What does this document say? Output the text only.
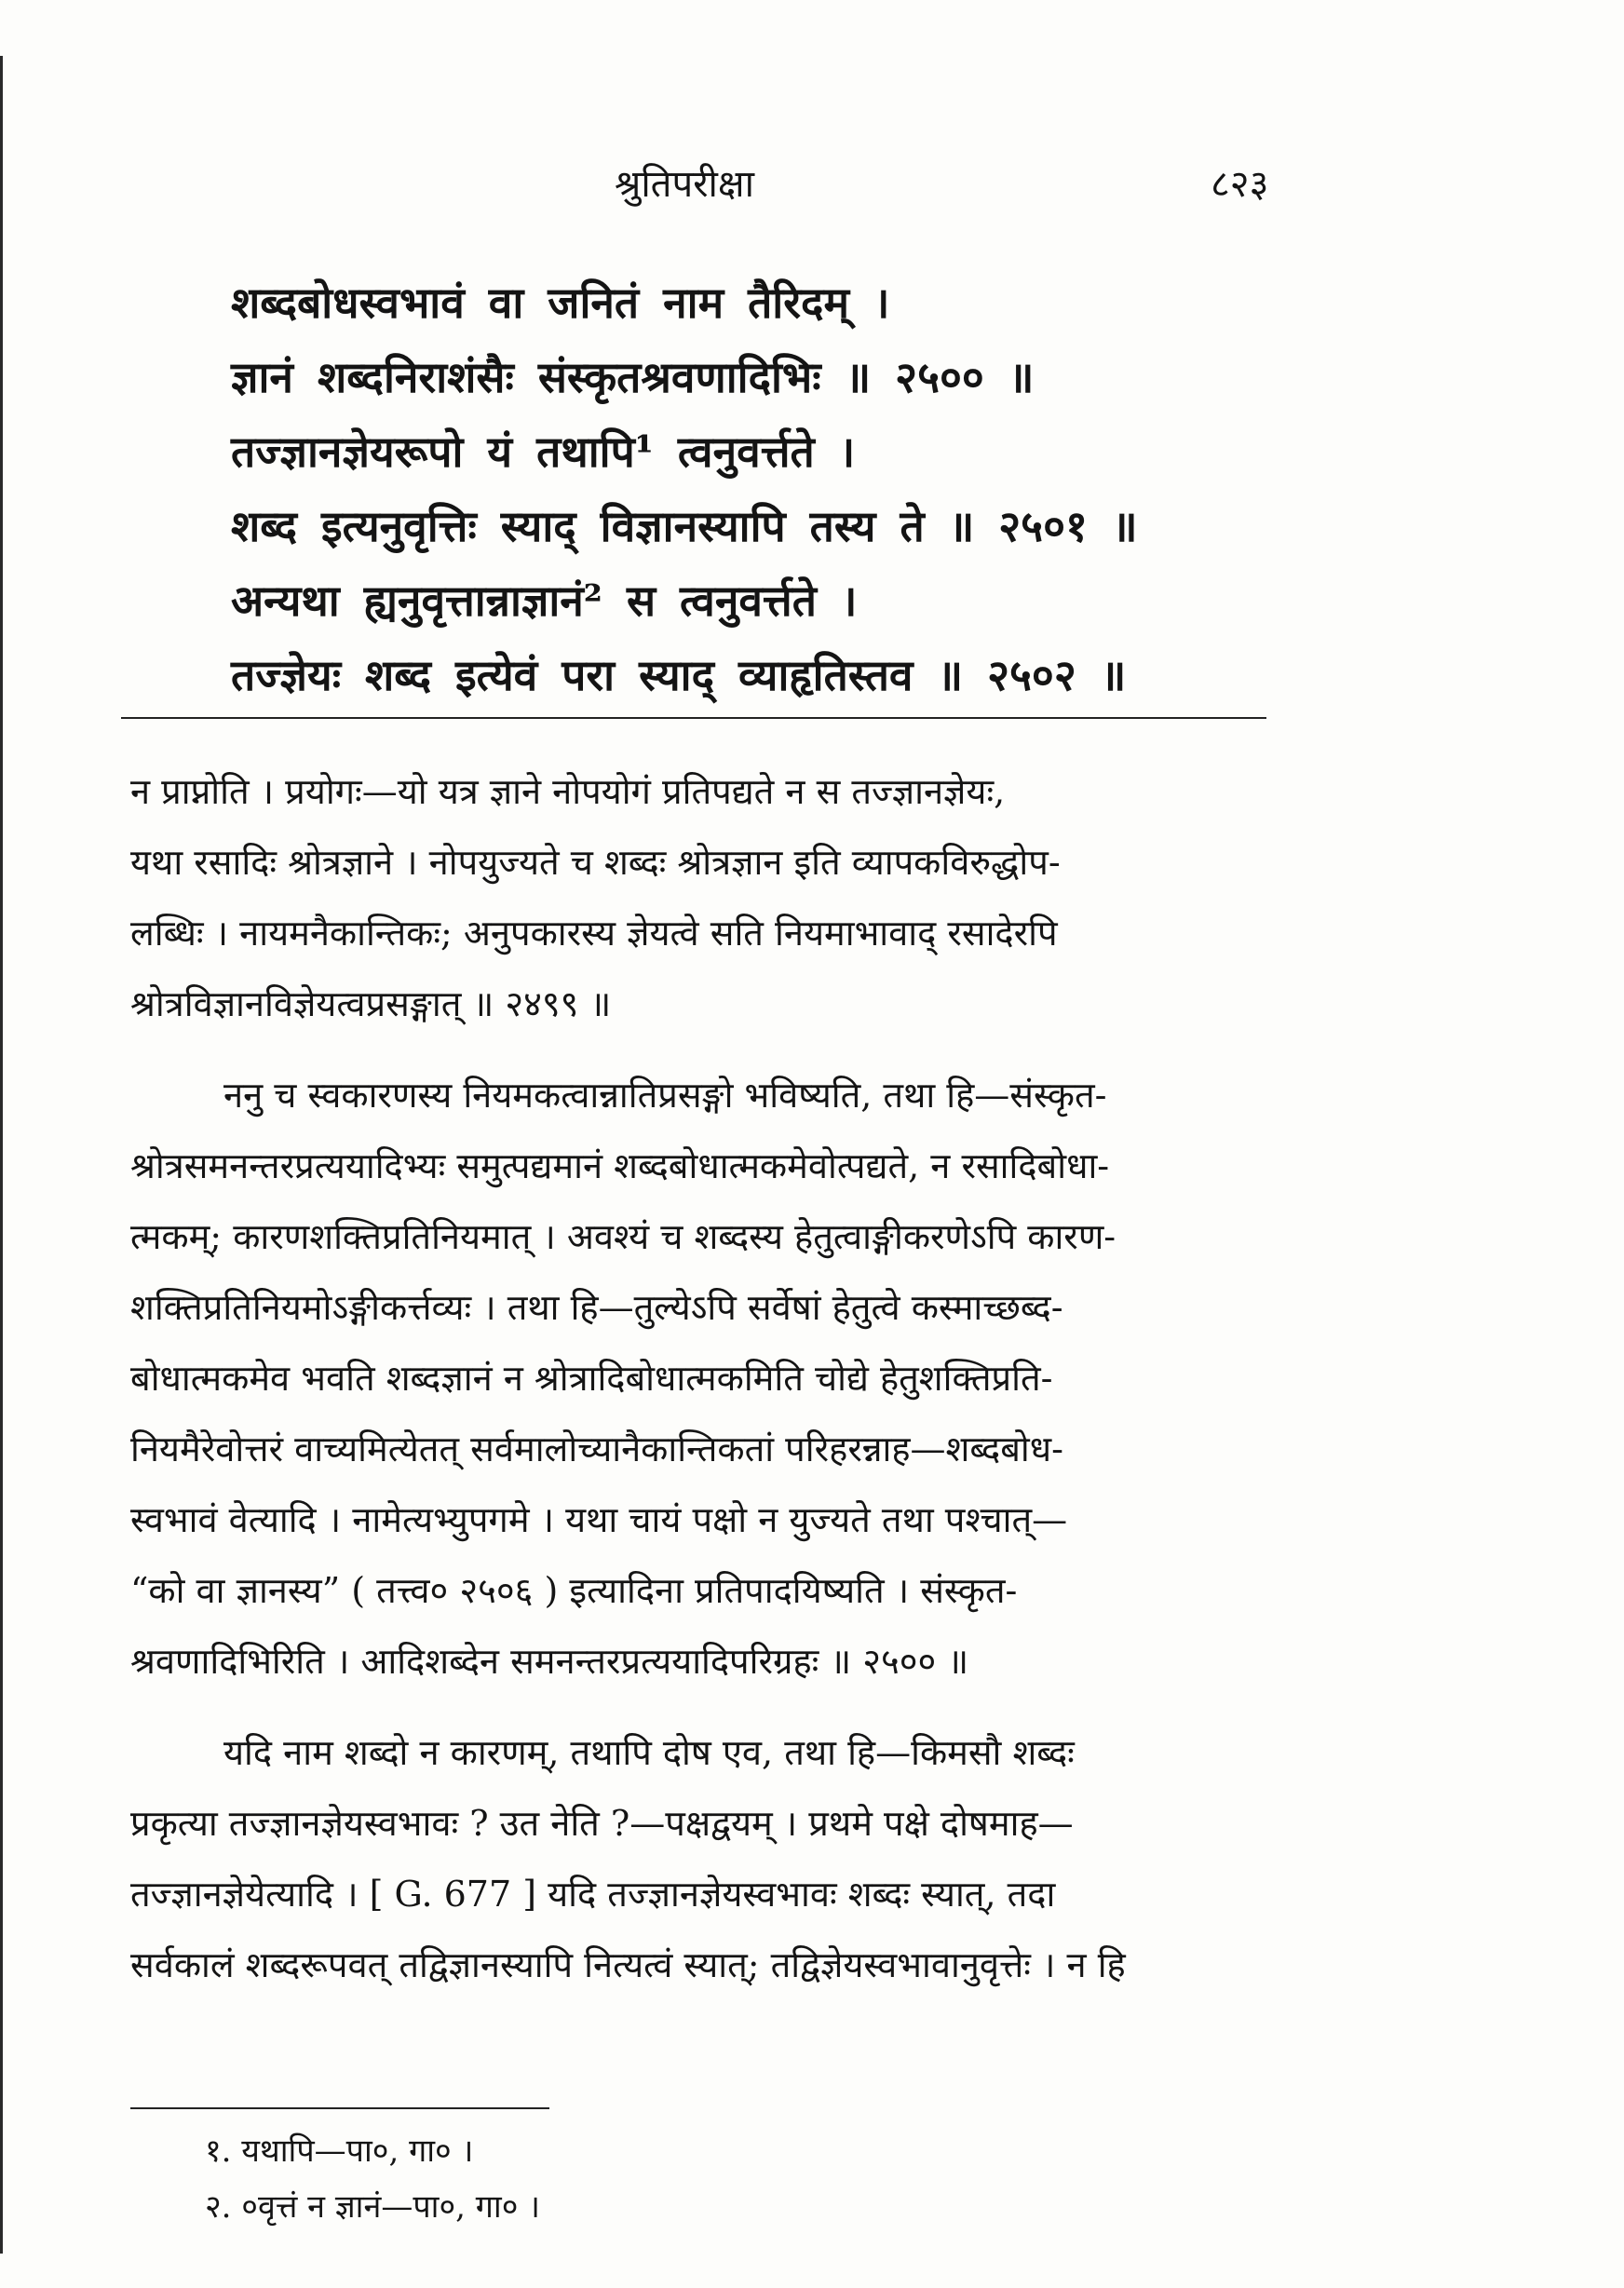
श्रुतिपरीक्षा	८२३
शब्दबोधस्वभावं वा जनितं नाम तैरिदम् ।
ज्ञानं शब्दनिराशंसैः संस्कृतश्रवणादिभिः ॥ २५०० ॥
तज्ज्ञानज्ञेयरूपो यं तथापि¹ त्वनुवर्त्तते ।
शब्द इत्यनुवृत्तिः स्याद् विज्ञानस्यापि तस्य ते ॥ २५०१ ॥
अन्यथा ह्यनुवृत्तान्नाज्ञानं² स त्वनुवर्त्तते ।
तज्ज्ञेयः शब्द इत्येवं परा स्याद् व्याहृतिस्तव ॥ २५०२ ॥
न प्राप्नोति । प्रयोगः—यो यत्र ज्ञाने नोपयोगं प्रतिपद्यते न स तज्ज्ञानज्ञेयः,
यथा रसादिः श्रोत्रज्ञाने । नोपयुज्यते च शब्दः श्रोत्रज्ञान इति व्यापकविरुद्धोप-
लब्धिः । नायमनैकान्तिकः; अनुपकारस्य ज्ञेयत्वे सति नियमाभावाद् रसादेरपि
श्रोत्रविज्ञानविज्ञेयत्वप्रसङ्गात् ॥ २४९९ ॥
ननु च स्वकारणस्य नियमकत्वान्नातिप्रसङ्गो भविष्यति, तथा हि—संस्कृत-
श्रोत्रसमनन्तरप्रत्ययादिभ्यः समुत्पद्यमानं शब्दबोधात्मकमेवोत्पद्यते, न रसादिबोधा-
त्मकम्; कारणशक्तिप्रतिनियमात् । अवश्यं च शब्दस्य हेतुत्वाङ्गीकरणेऽपि कारण-
शक्तिप्रतिनियमोऽङ्गीकर्त्तव्यः । तथा हि—तुल्येऽपि सर्वेषां हेतुत्वे कस्माच्छब्द-
बोधात्मकमेव भवति शब्दज्ञानं न श्रोत्रादिबोधात्मकमिति चोद्ये हेतुशक्तिप्रति-
नियमैरेवोत्तरं वाच्यमित्येतत् सर्वमालोच्यानैकान्तिकतां परिहरन्नाह—शब्दबोध-
स्वभावं वेत्यादि । नामेत्यभ्युपगमे । यथा चायं पक्षो न युज्यते तथा पश्चात्—
“को वा ज्ञानस्य” ( तत्त्व० २५०६ ) इत्यादिना प्रतिपादयिष्यति । संस्कृत-
श्रवणादिभिरिति । आदिशब्देन समनन्तरप्रत्ययादिपरिग्रहः ॥ २५०० ॥
यदि नाम शब्दो न कारणम्, तथापि दोष एव, तथा हि—किमसौ शब्दः
प्रकृत्या तज्ज्ञानज्ञेयस्वभावः ? उत नेति ?—पक्षद्वयम् । प्रथमे पक्षे दोषमाह—
तज्ज्ञानज्ञेयेत्यादि । [ G. 677 ] यदि तज्ज्ञानज्ञेयस्वभावः शब्दः स्यात्, तदा
सर्वकालं शब्दरूपवत् तद्विज्ञानस्यापि नित्यत्वं स्यात्; तद्विज्ञेयस्वभावानुवृत्तेः । न हि
१. यथापि—पा०, गा० ।
२. ०वृत्तं न ज्ञानं—पा०, गा० ।
